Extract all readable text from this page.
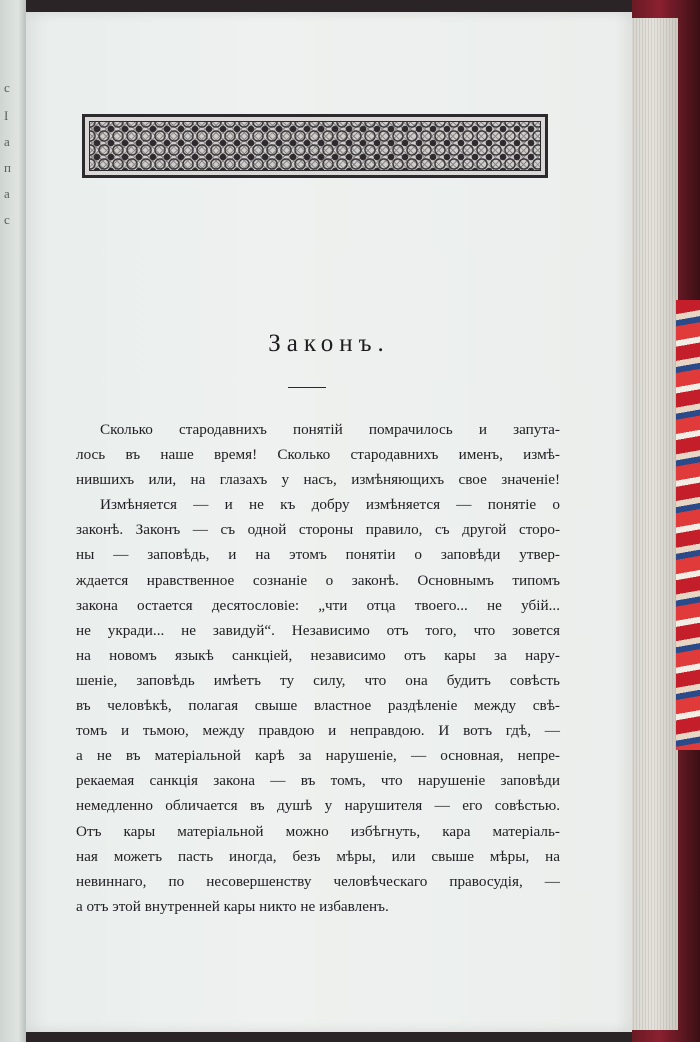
с
I
а
п
а
с
Законъ.
Сколько стародавнихъ понятій помрачилось и запута-
лось въ наше время! Сколько стародавнихъ именъ, измѣ-
нившихъ или, на глазахъ у насъ, измѣняющихъ свое значеніе!
Измѣняется — и не къ добру измѣняется — понятіе о
законѣ. Законъ — съ одной стороны правило, съ другой сторо-
ны — заповѣдь, и на этомъ понятіи о заповѣди утвер-
ждается нравственное сознаніе о законѣ. Основнымъ типомъ
закона остается десятословіе: „чти отца твоего... не убій...
не укради... не завидуй“. Независимо отъ того, что зовется
на новомъ языкѣ санкціей, независимо отъ кары за нару-
шеніе, заповѣдь имѣетъ ту силу, что она будитъ совѣсть
въ человѣкѣ, полагая свыше властное раздѣленіе между свѣ-
томъ и тьмою, между правдою и неправдою. И вотъ гдѣ, —
а не въ матеріальной карѣ за нарушеніе, — основная, непре-
рекаемая санкція закона — въ томъ, что нарушеніе заповѣди
немедленно обличается въ душѣ у нарушителя — его совѣстью.
Отъ кары матеріальной можно избѣгнуть, кара матеріаль-
ная можетъ пасть иногда, безъ мѣры, или свыше мѣры, на
невиннаго, по несовершенству человѣческаго правосудія, —
а отъ этой внутренней кары никто не избавленъ.
